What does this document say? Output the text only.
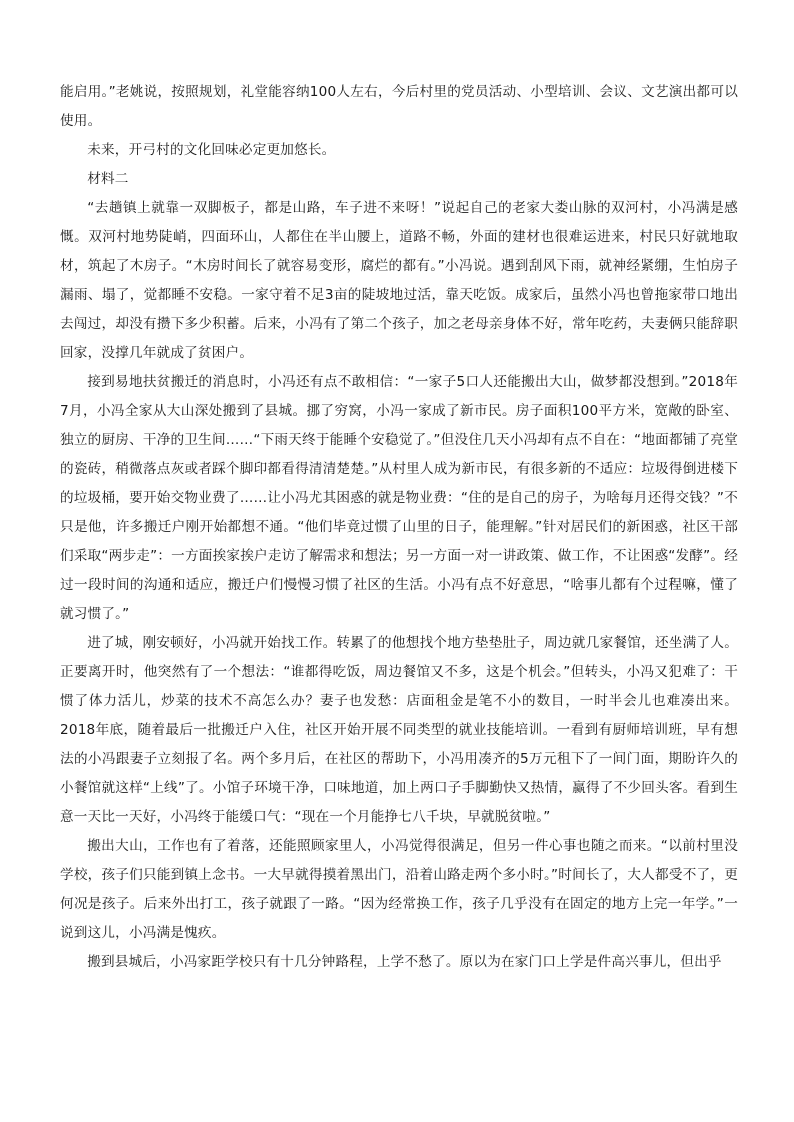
能启用。”老姚说，按照规划，礼堂能容纳100人左右，今后村里的党员活动、小型培训、会议、文艺演出都可以使用。

未来，开弓村的文化回味必定更加悠长。

材料二

“去趟镇上就靠一双脚板子，都是山路，车子进不来呀！”说起自己的老家大娄山脉的双河村，小冯满是感慨。双河村地势陡峭，四面环山，人都住在半山腰上，道路不畅，外面的建材也很难运进来，村民只好就地取材，筑起了木房子。“木房时间长了就容易变形，腐烂的都有。”小冯说。遇到刮风下雨，就神经紧绷，生怕房子漏雨、塌了，觉都睡不安稳。一家守着不足3亩的陡坡地过活，靠天吃饭。成家后，虽然小冯也曾拖家带口地出去闯过，却没有攒下多少积蓄。后来，小冯有了第二个孩子，加之老母亲身体不好，常年吃药，夫妻俩只能辞职回家，没撑几年就成了贫困户。

接到易地扶贫搬迁的消息时，小冯还有点不敢相信：“一家子5口人还能搬出大山，做梦都没想到。”2018年7月，小冯全家从大山深处搬到了县城。挪了穷窝，小冯一家成了新市民。房子面积100平方米，宽敞的卧室、独立的厨房、干净的卫生间……“下雨天终于能睡个安稳觉了。”但没住几天小冯却有点不自在：“地面都铺了亮堂的瓷砖，稍微落点灰或者踩个脚印都看得清清楚楚。”从村里人成为新市民，有很多新的不适应：垃圾得倒进楼下的垃圾桶，要开始交物业费了……让小冯尤其困惑的就是物业费：“住的是自己的房子，为啥每月还得交钱？”不只是他，许多搬迁户刚开始都想不通。“他们毕竟过惯了山里的日子，能理解。”针对居民们的新困惑，社区干部们采取“两步走”：一方面挨家挨户走访了解需求和想法；另一方面一对一讲政策、做工作，不让困惑“发酵”。经过一段时间的沟通和适应，搬迁户们慢慢习惯了社区的生活。小冯有点不好意思，“啥事儿都有个过程嘛，懂了就习惯了。”

进了城，刚安顿好，小冯就开始找工作。转累了的他想找个地方垫垫肚子，周边就几家餐馆，还坐满了人。正要离开时，他突然有了一个想法：“谁都得吃饭，周边餐馆又不多，这是个机会。”但转头，小冯又犯难了：干惯了体力活儿，炒菜的技术不高怎么办？妻子也发愁：店面租金是笔不小的数目，一时半会儿也难凑出来。2018年底，随着最后一批搬迁户入住，社区开始开展不同类型的就业技能培训。一看到有厨师培训班，早有想法的小冯跟妻子立刻报了名。两个多月后，在社区的帮助下，小冯用凑齐的5万元租下了一间门面，期盼许久的小餐馆就这样“上线”了。小馆子环境干净，口味地道，加上两口子手脚勤快又热情，赢得了不少回头客。看到生意一天比一天好，小冯终于能缓口气：“现在一个月能挣七八千块，早就脱贫啦。”

搬出大山，工作也有了着落，还能照顾家里人，小冯觉得很满足，但另一件心事也随之而来。“以前村里没学校，孩子们只能到镇上念书。一大早就得摸着黑出门，沿着山路走两个多小时。”时间长了，大人都受不了，更何况是孩子。后来外出打工，孩子就跟了一路。“因为经常换工作，孩子几乎没有在固定的地方上完一年学。”一说到这儿，小冯满是愧疚。

搬到县城后，小冯家距学校只有十几分钟路程，上学不愁了。原以为在家门口上学是件高兴事儿，但出乎
